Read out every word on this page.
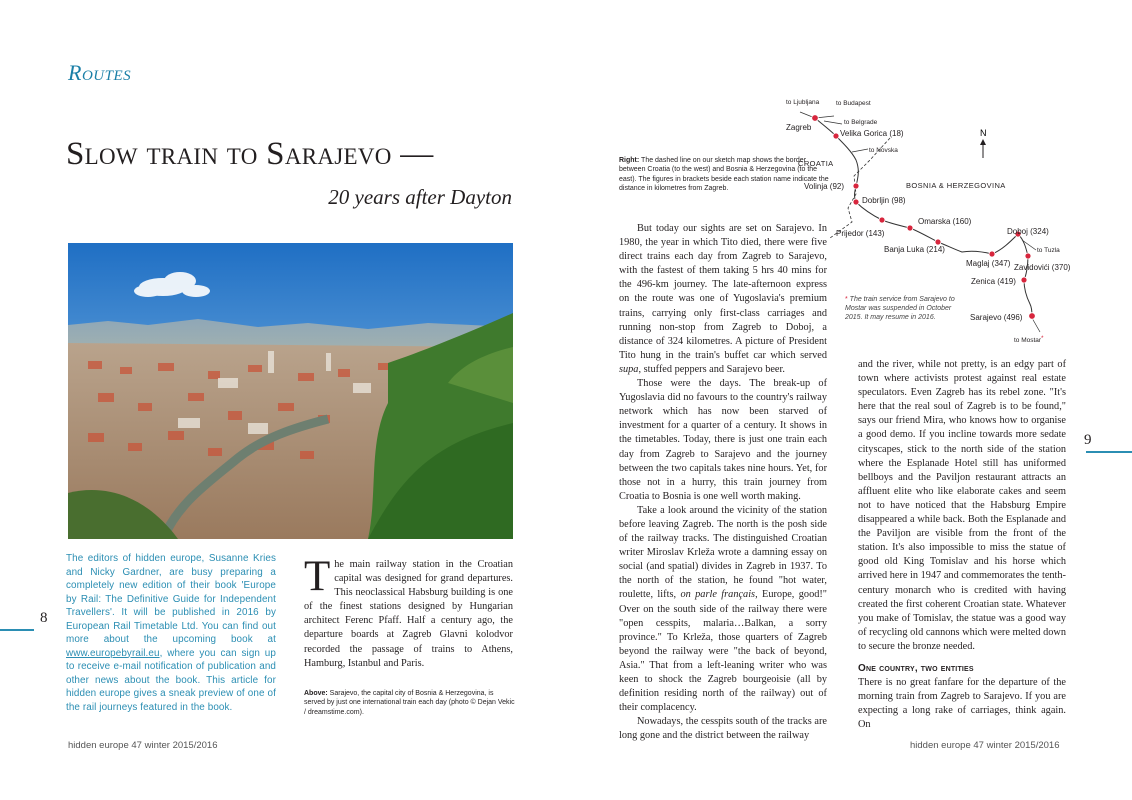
Routes
Slow train to Sarajevo —
20 years after Dayton
The editors of hidden europe, Susanne Kries and Nicky Gardner, are busy preparing a completely new edition of their book 'Europe by Rail: The Definitive Guide for Independent Travellers'. It will be published in 2016 by European Rail Timetable Ltd. You can find out more about the upcoming book at www.europebyrail.eu, where you can sign up to receive e-mail notification of publication and other news about the book. This article for hidden europe gives a sneak preview of one of the rail journeys featured in the book.
The main railway station in the Croatian capital was designed for grand departures. This neoclassical Habsburg building is one of the finest stations designed by Hungarian architect Ferenc Pfaff. Half a century ago, the departure boards at Zagreb Glavni kolodvor recorded the passage of trains to Athens, Hamburg, Istanbul and Paris.
Above: Sarajevo, the capital city of Bosnia & Herzegovina, is served by just one international train each day (photo © Dejan Vekic / dreamstime.com).
8
hidden europe 47 winter 2015/2016
Right: The dashed line on our sketch map shows the border between Croatia (to the west) and Bosnia & Herzegovina (to the east). The figures in brackets beside each station name indicate the distance in kilometres from Zagreb.
to Ljubljana	to Budapest
to Belgrade
to Novska
to Tuzla
to Mostar *
Zagreb
Velika Gorica (18)
Volinja (92)
Dobrljin (98)
Prijedor (143)
Omarska (160)
Banja Luka (214)
Maglaj (347)
Doboj (324)
Zavidovići (370)
Zenica (419)
Sarajevo (496)
CROATIA
BOSNIA & HERZEGOVINA
N
* The train service from Sarajevo to Mostar was suspended in October 2015. It may resume in 2016.

But today our sights are set on Sarajevo. In 1980, the year in which Tito died, there were five direct trains each day from Zagreb to Sarajevo, with the fastest of them taking 5 hrs 40 mins for the 496-km journey. The late-afternoon express on the route was one of Yugoslavia's premium trains, carrying only first-class carriages and running non-stop from Zagreb to Doboj, a distance of 324 kilometres. A picture of President Tito hung in the train's buffet car which served supa, stuffed peppers and Sarajevo beer.

Those were the days. The break-up of Yugoslavia did no favours to the country's railway network which has now been starved of investment for a quarter of a century. It shows in the timetables. Today, there is just one train each day from Zagreb to Sarajevo and the journey between the two capitals takes nine hours. Yet, for those not in a hurry, this train journey from Croatia to Bosnia is one well worth making.

Take a look around the vicinity of the station before leaving Zagreb. The north is the posh side of the railway tracks. The distinguished Croatian writer Miroslav Krleža wrote a damning essay on social (and spatial) divides in Zagreb in 1937. To the north of the station, he found "hot water, roulette, lifts, on parle français, Europe, good!" Over on the south side of the railway there were "open cesspits, malaria…Balkan, a sorry province." To Krleža, those quarters of Zagreb beyond the railway were "the back of beyond, Asia." That from a left-leaning writer who was keen to shock the Zagreb bourgeoisie (all by definition residing north of the railway) out of their complacency.

Nowadays, the cesspits south of the tracks are long gone and the district between the railway

and the river, while not pretty, is an edgy part of town where activists protest against real estate speculators. Even Zagreb has its rebel zone. "It's here that the real soul of Zagreb is to be found," says our friend Mira, who knows how to organise a good demo. If you incline towards more sedate cityscapes, stick to the north side of the station where the Esplanade Hotel still has uniformed bellboys and the Paviljon restaurant attracts an affluent elite who like elaborate cakes and seem not to have noticed that the Habsburg Empire disappeared a while back. Both the Esplanade and the Paviljon are visible from the front of the station. It's also impossible to miss the statue of good old King Tomislav and his horse which arrived here in 1947 and commemorates the tenth-century monarch who is credited with having created the first coherent Croatian state. Whatever you make of Tomislav, the statue was a good way of recycling old cannons which were melted down to secure the bronze needed.

One country, two entities

There is no great fanfare for the departure of the morning train from Zagreb to Sarajevo. If you are expecting a long rake of carriages, think again. On

9
hidden europe 47 winter 2015/2016
